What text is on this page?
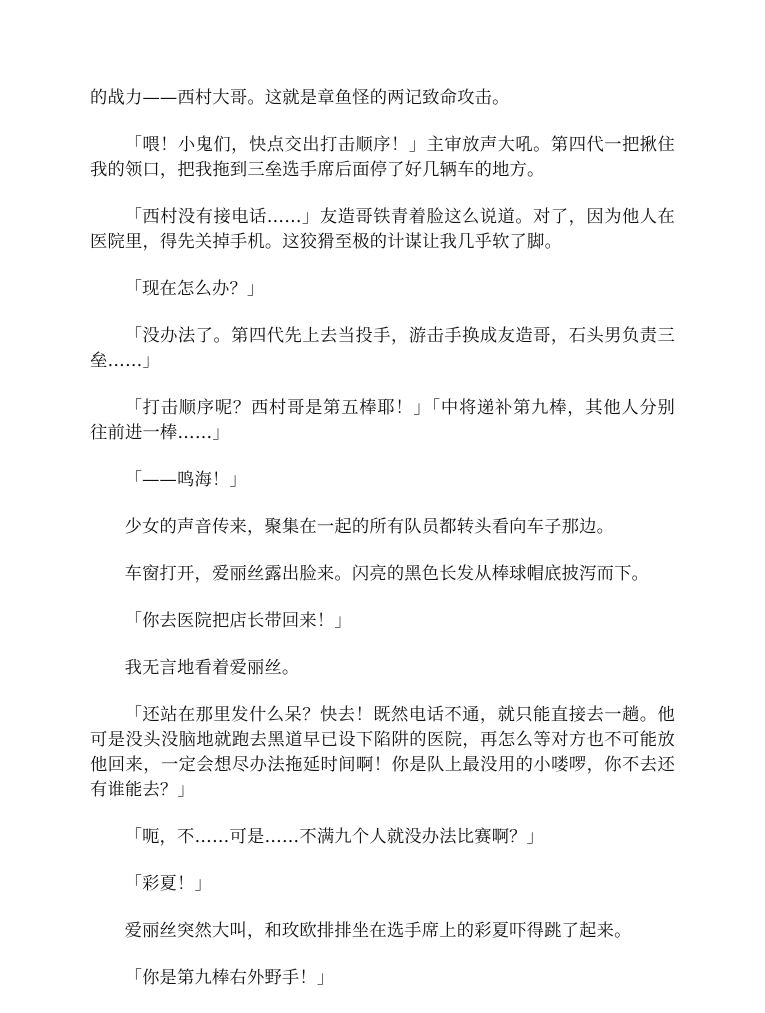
的战力——西村大哥。这就是章鱼怪的两记致命攻击。

「喂！小鬼们，快点交出打击顺序！」主审放声大吼。第四代一把揪住我的领口，把我拖到三垒选手席后面停了好几辆车的地方。

「西村没有接电话……」友造哥铁青着脸这么说道。对了，因为他人在医院里，得先关掉手机。这狡猾至极的计谋让我几乎软了脚。

「现在怎么办？」

「没办法了。第四代先上去当投手，游击手换成友造哥，石头男负责三垒……」

「打击顺序呢？西村哥是第五棒耶！」「中将递补第九棒，其他人分别往前进一棒……」

「——鸣海！」

少女的声音传来，聚集在一起的所有队员都转头看向车子那边。

车窗打开，爱丽丝露出脸来。闪亮的黑色长发从棒球帽底披泻而下。

「你去医院把店长带回来！」

我无言地看着爱丽丝。

「还站在那里发什么呆？快去！既然电话不通，就只能直接去一趟。他可是没头没脑地就跑去黑道早已设下陷阱的医院，再怎么等对方也不可能放他回来，一定会想尽办法拖延时间啊！你是队上最没用的小喽啰，你不去还有谁能去？」

「呃，不……可是……不满九个人就没办法比赛啊？」

「彩夏！」

爱丽丝突然大叫，和玫欧排排坐在选手席上的彩夏吓得跳了起来。

「你是第九棒右外野手！」
